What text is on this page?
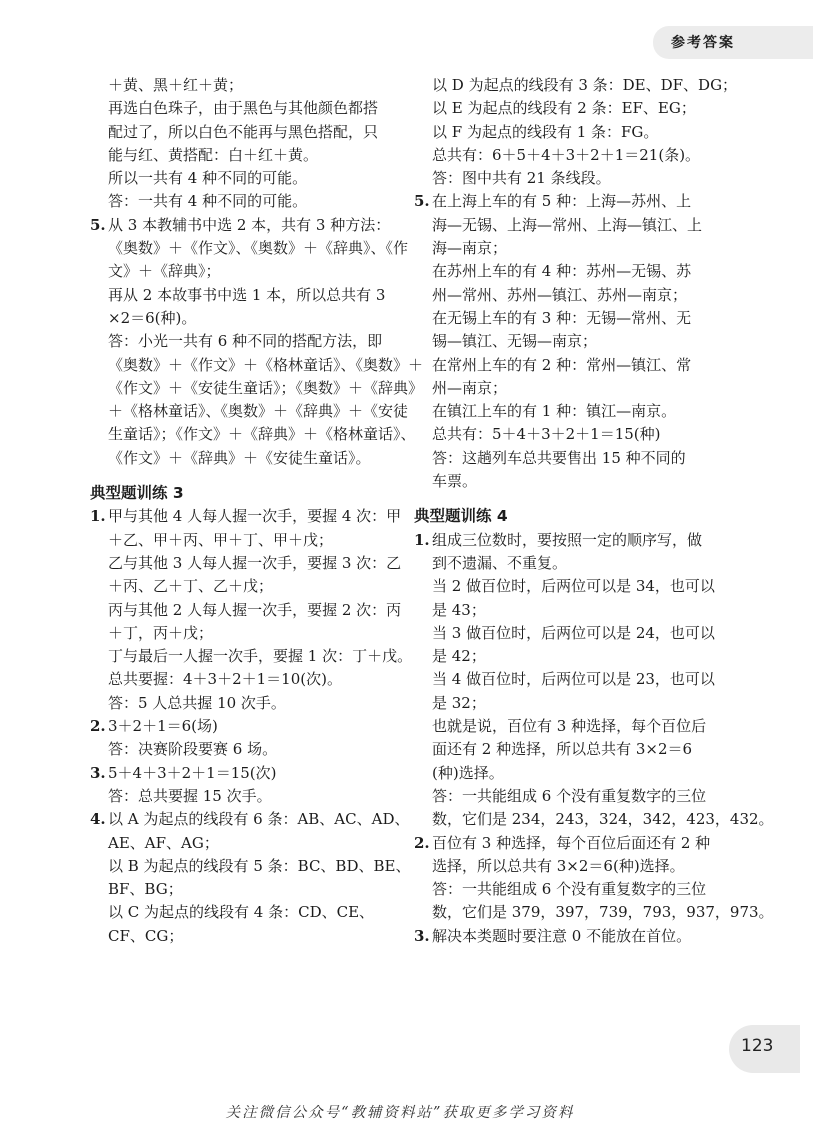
参考答案
＋黄、黑＋红＋黄；
再选白色珠子，由于黑色与其他颜色都搭
配过了，所以白色不能再与黑色搭配，只
能与红、黄搭配：白＋红＋黄。
所以一共有 4 种不同的可能。
答：一共有 4 种不同的可能。
5. 从 3 本教辅书中选 2 本，共有 3 种方法：
《奥数》＋《作文》、《奥数》＋《辞典》、《作
文》＋《辞典》；
再从 2 本故事书中选 1 本，所以总共有 3
×2＝6(种)。
答：小光一共有 6 种不同的搭配方法，即
《奥数》＋《作文》＋《格林童话》、《奥数》＋
《作文》＋《安徒生童话》；《奥数》＋《辞典》
＋《格林童话》、《奥数》＋《辞典》＋《安徒
生童话》；《作文》＋《辞典》＋《格林童话》、
《作文》＋《辞典》＋《安徒生童话》。
典型题训练 3
1. 甲与其他 4 人每人握一次手，要握 4 次：甲
＋乙、甲＋丙、甲＋丁、甲＋戊；
乙与其他 3 人每人握一次手，要握 3 次：乙
＋丙、乙＋丁、乙＋戊；
丙与其他 2 人每人握一次手，要握 2 次：丙
＋丁，丙＋戊；
丁与最后一人握一次手，要握 1 次：丁＋戊。
总共要握：4＋3＋2＋1＝10(次)。
答：5 人总共握 10 次手。
2. 3＋2＋1＝6(场)
答：决赛阶段要赛 6 场。
3. 5＋4＋3＋2＋1＝15(次)
答：总共要握 15 次手。
4. 以 A 为起点的线段有 6 条：AB、AC、AD、
AE、AF、AG；
以 B 为起点的线段有 5 条：BC、BD、BE、
BF、BG；
以 C 为起点的线段有 4 条：CD、CE、
CF、CG；
以 D 为起点的线段有 3 条：DE、DF、DG；
以 E 为起点的线段有 2 条：EF、EG；
以 F 为起点的线段有 1 条：FG。
总共有：6＋5＋4＋3＋2＋1＝21(条)。
答：图中共有 21 条线段。
5. 在上海上车的有 5 种：上海—苏州、上
海—无锡、上海—常州、上海—镇江、上
海—南京；
在苏州上车的有 4 种：苏州—无锡、苏
州—常州、苏州—镇江、苏州—南京；
在无锡上车的有 3 种：无锡—常州、无
锡—镇江、无锡—南京；
在常州上车的有 2 种：常州—镇江、常
州—南京；
在镇江上车的有 1 种：镇江—南京。
总共有：5＋4＋3＋2＋1＝15(种)
答：这趟列车总共要售出 15 种不同的
车票。
典型题训练 4
1. 组成三位数时，要按照一定的顺序写，做
到不遗漏、不重复。
当 2 做百位时，后两位可以是 34，也可以
是 43；
当 3 做百位时，后两位可以是 24，也可以
是 42；
当 4 做百位时，后两位可以是 23，也可以
是 32；
也就是说，百位有 3 种选择，每个百位后
面还有 2 种选择，所以总共有 3×2＝6
(种)选择。
答：一共能组成 6 个没有重复数字的三位
数，它们是 234，243，324，342，423，432。
2. 百位有 3 种选择，每个百位后面还有 2 种
选择，所以总共有 3×2＝6(种)选择。
答：一共能组成 6 个没有重复数字的三位
数，它们是 379，397，739，793，937，973。
3. 解决本类题时要注意 0 不能放在首位。
123
关注微信公众号“教辅资料站”获取更多学习资料
